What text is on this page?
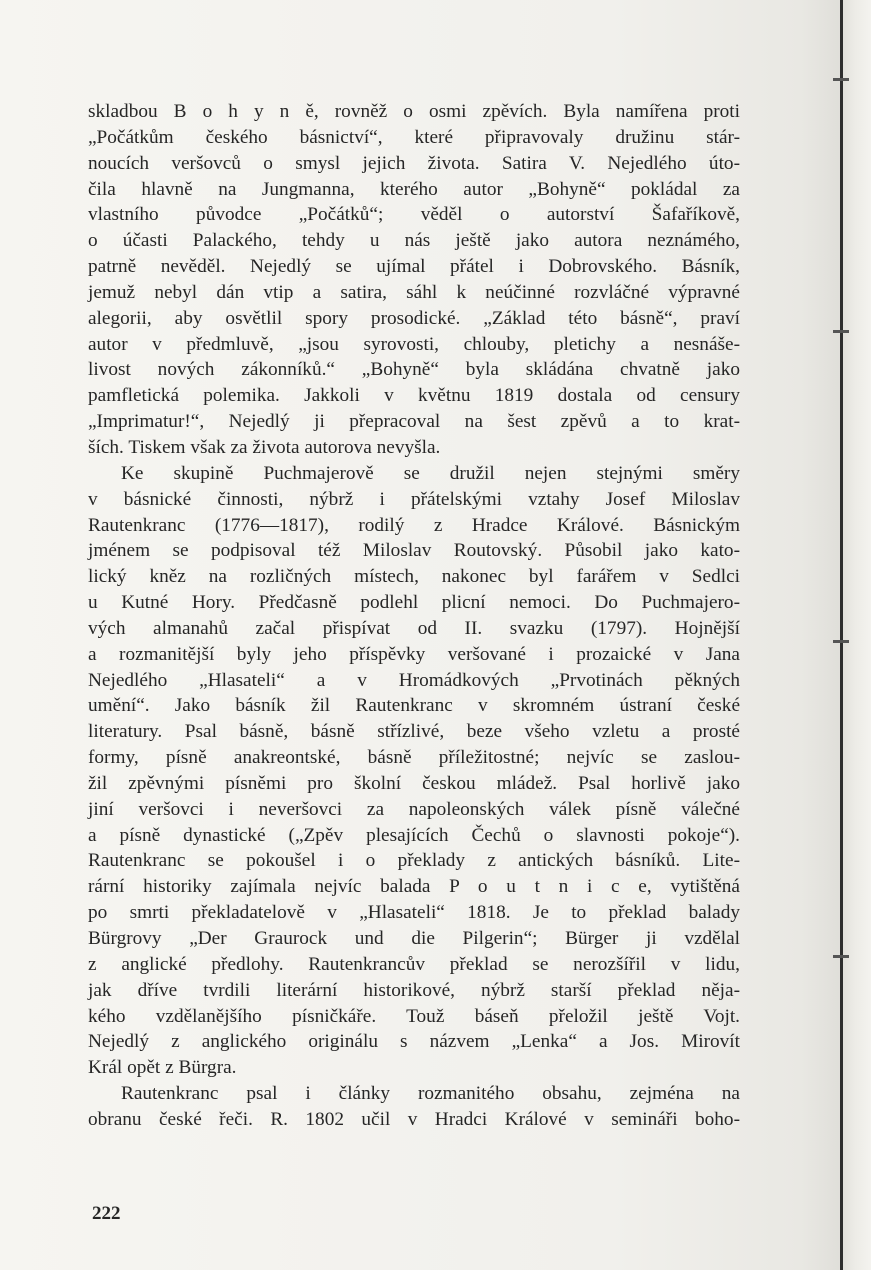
skladbou B o h y n ě, rovněž o osmi zpěvích. Byla namířena proti

„Počátkům českého básnictví“, které připravovaly družinu stár-

noucích veršovců o smysl jejich života. Satira V. Nejedlého úto-

čila hlavně na Jungmanna, kterého autor „Bohyně“ pokládal za

vlastního původce „Počátků“; věděl o autorství Šafaříkově,

o účasti Palackého, tehdy u nás ještě jako autora neznámého,

patrně nevěděl. Nejedlý se ujímal přátel i Dobrovského. Básník,

jemuž nebyl dán vtip a satira, sáhl k neúčinné rozvláčné výpravné

alegorii, aby osvětlil spory prosodické. „Základ této básně“, praví

autor v předmluvě, „jsou syrovosti, chlouby, pletichy a nesnáše-

livost nových zákonníků.“ „Bohyně“ byla skládána chvatně jako

pamfletická polemika. Jakkoli v květnu 1819 dostala od censury

„Imprimatur!“, Nejedlý ji přepracoval na šest zpěvů a to krat-

ších. Tiskem však za života autorova nevyšla.

Ke skupině Puchmajerově se družil nejen stejnými směry

v básnické činnosti, nýbrž i přátelskými vztahy Josef Miloslav

Rautenkranc (1776—1817), rodilý z Hradce Králové. Básnickým

jménem se podpisoval též Miloslav Routovský. Působil jako kato-

lický kněz na rozličných místech, nakonec byl farářem v Sedlci

u Kutné Hory. Předčasně podlehl plicní nemoci. Do Puchmajero-

vých almanahů začal přispívat od II. svazku (1797). Hojnější

a rozmanitější byly jeho příspěvky veršované i prozaické v Jana

Nejedlého „Hlasateli“ a v Hromádkových „Prvotinách pěkných

umění“. Jako básník žil Rautenkranc v skromném ústraní české

literatury. Psal básně, básně střízlivé, beze všeho vzletu a prosté

formy, písně anakreontské, básně příležitostné; nejvíc se zaslou-

žil zpěvnými písněmi pro školní českou mládež. Psal horlivě jako

jiní veršovci i neveršovci za napoleonských válek písně válečné

a písně dynastické („Zpěv plesajících Čechů o slavnosti pokoje“).

Rautenkranc se pokoušel i o překlady z antických básníků. Lite-

rární historiky zajímala nejvíc balada P o u t n i c e, vytištěná

po smrti překladatelově v „Hlasateli“ 1818. Je to překlad balady

Bürgrovy „Der Graurock und die Pilgerin“; Bürger ji vzdělal

z anglické předlohy. Rautenkrancův překlad se nerozšířil v lidu,

jak dříve tvrdili literární historikové, nýbrž starší překlad něja-

kého vzdělanějšího písničkáře. Touž báseň přeložil ještě Vojt.

Nejedlý z anglického originálu s názvem „Lenka“ a Jos. Mirovít

Král opět z Bürgra.

Rautenkranc psal i články rozmanitého obsahu, zejména na

obranu české řeči. R. 1802 učil v Hradci Králové v semináři boho-

222
